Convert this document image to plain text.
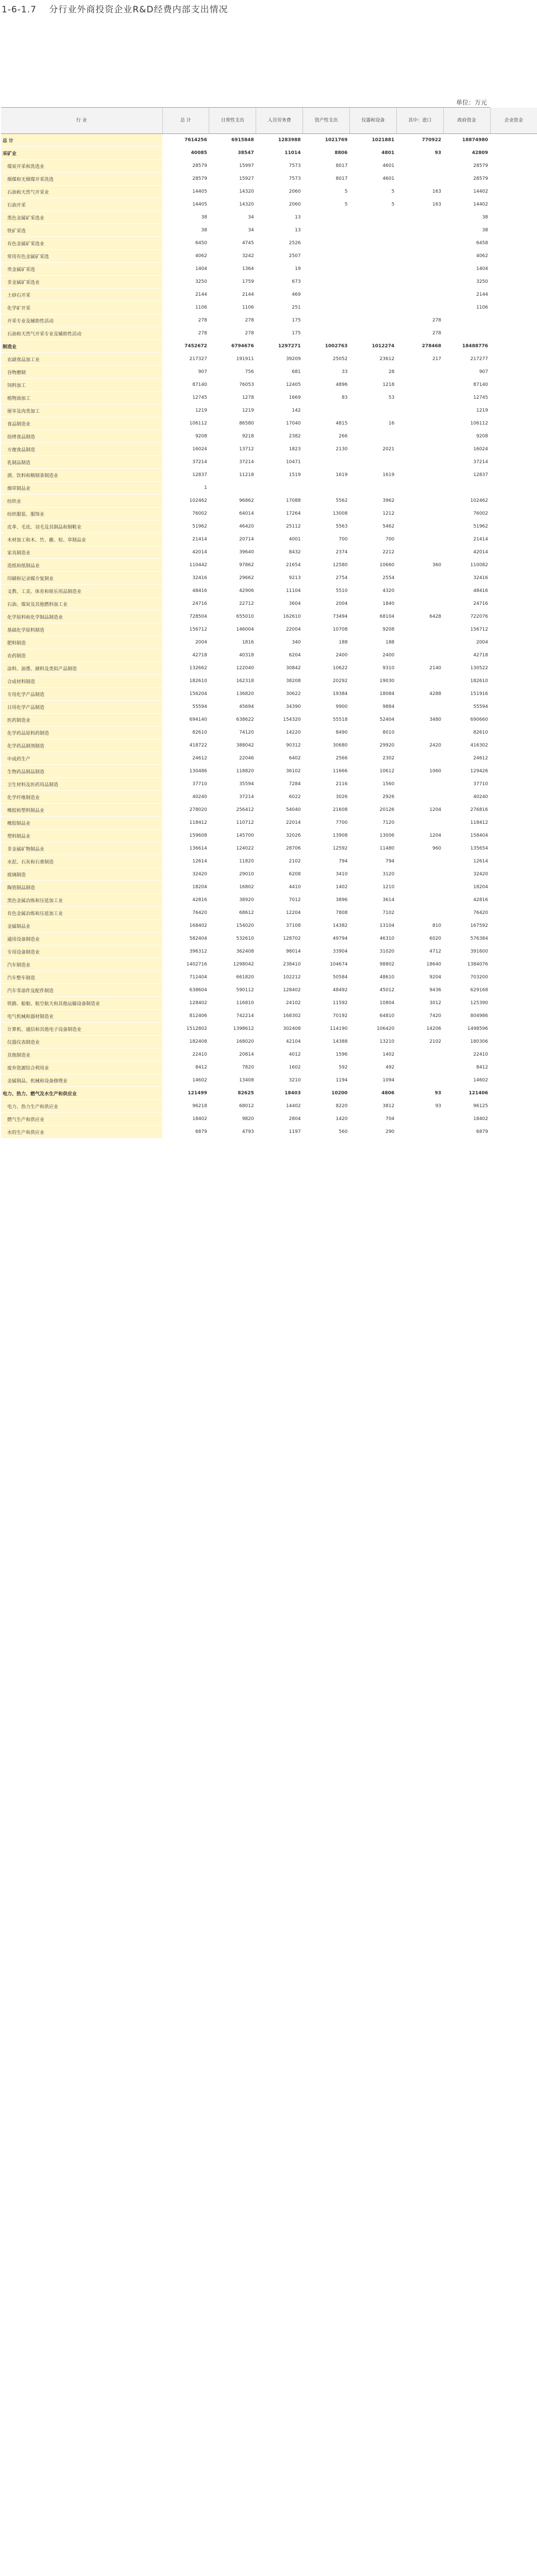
1-6-1.7 分行业外商投资企业R&D经费内部支出情况
单位：万元
行 业	总 计	日常性支出	人员劳务费	资产性支出	仪器和设备	其中：进口	政府资金	企业资金
总 计	7614256	6915848	1283988	1021769	1021881	770922	18874980	
采矿业	40085	38547	11014	8806	4801	93	42809	
煤炭开采和洗选业	28579	15997	7573	8017	4601		28579	
烟煤和无烟煤开采洗选	28579	15927	7573	8017	4601		28579	
石油和天然气开采业	14405	14320	2060	5	5	163	14402	
石油开采	14405	14320	2060	5	5	163	14402	
黑色金属矿采选业	38	34	13				38	
铁矿采选	38	34	13				38	
有色金属矿采选业	6450	4745	2526				6458	
常用有色金属矿采选	4062	3242	2507				4062	
贵金属矿采选	1404	1364	19				1404	
非金属矿采选业	3250	1759	673				3250	
土砂石开采	2144	2144	469				2144	
化学矿开采	1106	1106	251				1106	
开采专业及辅助性活动	278	278	175			278		
石油和天然气开采专业及辅助性活动	278	278	175			278		
制造业	7452672	6794676	1297271	1002763	1012274	278468	18488776	
农副食品加工业	217327	191911	39209	25052	23612	217	217277	
谷物磨制	907	756	681	33	28		907	
饲料加工	87140	76053	12405	4896	1218		87140	
植物油加工	12745	1278	1669	83	53		12745	
屠宰及肉类加工	1219	1219	142				1219	
食品制造业	106112	86580	17040	4815	16		106112	
焙烤食品制造	9208	9218	2382	266			9208	
方便食品制造	16024	13712	1823	2130	2021		16024	
乳制品制造	37214	37214	10471				37214	
酒、饮料和精制茶制造业	12837	11218	1519	1619	1619		12837	
烟草制品业	1							
纺织业	102462	96862	17088	5562	3962		102462	
纺织服装、服饰业	76002	64014	17264	13008	1212		76002	
皮革、毛皮、羽毛及其制品和制鞋业	51962	46420	25112	5563	5462		51962	
木材加工和木、竹、藤、棕、草制品业	21414	20714	4001	700	700		21414	
家具制造业	42014	39640	8432	2374	2212		42014	
造纸和纸制品业	110442	97862	21654	12580	10660	360	110082	
印刷和记录媒介复制业	32416	29662	9213	2754	2554		32416	
文教、工美、体育和娱乐用品制造业	48416	42906	11104	5510	4320		48416	
石油、煤炭及其他燃料加工业	24716	22712	3604	2004	1840		24716	
化学原料和化学制品制造业	728504	655010	162610	73494	68104	6428	722076	
基础化学原料制造	156712	146004	22004	10708	9208		156712	
肥料制造	2004	1816	340	188	188		2004	
农药制造	42718	40318	6204	2400	2400		42718	
涂料、油墨、颜料及类似产品制造	132662	122040	30842	10622	9310	2140	130522	
合成材料制造	182610	162318	38208	20292	19030		182610	
专用化学产品制造	156204	136820	30622	19384	18084	4288	151916	
日用化学产品制造	55594	45694	34390	9900	9884		55594	
医药制造业	694140	638622	154320	55518	52404	3480	690660	
化学药品原料药制造	82610	74120	14220	8490	8010		82610	
化学药品制剂制造	418722	388042	90312	30680	29920	2420	416302	
中成药生产	24612	22046	6402	2566	2302		24612	
生物药品制品制造	130486	118820	36102	11666	10612	1060	129426	
卫生材料及医药用品制造	37710	35594	7284	2116	1560		37710	
化学纤维制造业	40240	37214	6022	3026	2926		40240	
橡胶和塑料制品业	278020	256412	54040	21608	20126	1204	276816	
橡胶制品业	118412	110712	22014	7700	7120		118412	
塑料制品业	159608	145700	32026	13908	13006	1204	158404	
非金属矿物制品业	136614	124022	28706	12592	11480	960	135654	
水泥、石灰和石膏制造	12614	11820	2102	794	794		12614	
玻璃制造	32420	29010	6208	3410	3120		32420	
陶瓷制品制造	18204	16802	4410	1402	1210		18204	
黑色金属冶炼和压延加工业	42816	38920	7012	3896	3614		42816	
有色金属冶炼和压延加工业	76420	68612	12204	7808	7102		76420	
金属制品业	168402	154020	37108	14382	13104	810	167592	
通用设备制造业	582404	532610	128702	49794	46310	6020	576384	
专用设备制造业	396312	362408	98014	33904	31020	4712	391600	
汽车制造业	1402716	1298042	238410	104674	98802	18640	1384076	
汽车整车制造	712404	661820	102212	50584	48610	9204	703200	
汽车零部件及配件制造	638604	590112	128402	48492	45012	9436	629168	
铁路、船舶、航空航天和其他运输设备制造业	128402	116810	24102	11592	10804	3012	125390	
电气机械和器材制造业	812406	742214	168302	70192	64810	7420	804986	
计算机、通信和其他电子设备制造业	1512802	1398612	302408	114190	106420	14206	1498596	
仪器仪表制造业	182408	168020	42104	14388	13210	2102	180306	
其他制造业	22410	20814	4012	1596	1402		22410	
废弃资源综合利用业	8412	7820	1602	592	492		8412	
金属制品、机械和设备修理业	14602	13408	3210	1194	1094		14602	
电力、热力、燃气及水生产和供应业	121499	82625	18403	10200	4806	93	121406	
电力、热力生产和供应业	96218	68012	14402	8220	3812	93	96125	
燃气生产和供应业	18402	9820	2804	1420	704		18402	
水的生产和供应业	6879	4793	1197	560	290		6879	
